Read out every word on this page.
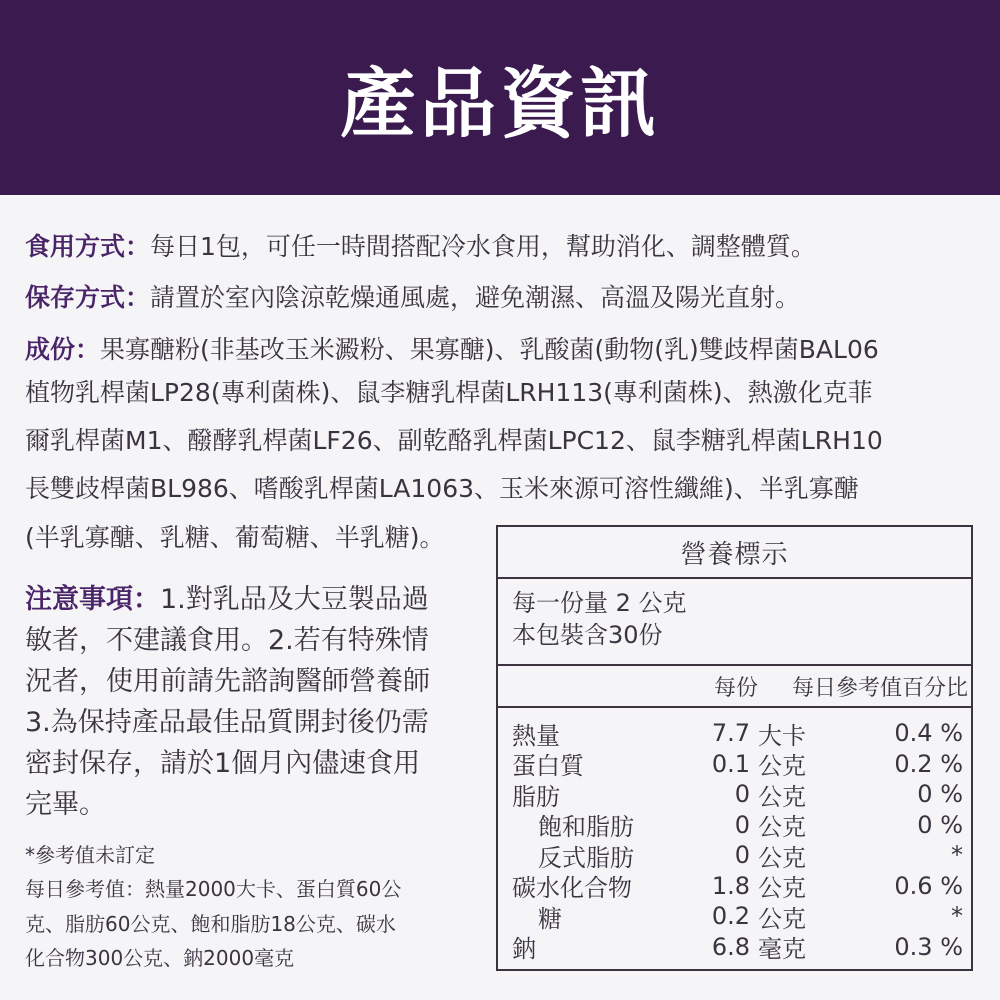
產品資訊
食用方式：每日1包，可任一時間搭配冷水食用，幫助消化、調整體質。
保存方式：請置於室內陰涼乾燥通風處，避免潮濕、高溫及陽光直射。
成份：果寡醣粉(非基改玉米澱粉、果寡醣)、乳酸菌(動物(乳)雙歧桿菌BAL06
植物乳桿菌LP28(專利菌株)、鼠李糖乳桿菌LRH113(專利菌株)、熱激化克菲
爾乳桿菌M1、醱酵乳桿菌LF26、副乾酪乳桿菌LPC12、鼠李糖乳桿菌LRH10
長雙歧桿菌BL986、嗜酸乳桿菌LA1063、玉米來源可溶性纖維)、半乳寡醣
(半乳寡醣、乳糖、葡萄糖、半乳糖)。
注意事項：1.對乳品及大豆製品過
敏者，不建議食用。2.若有特殊情
況者，使用前請先諮詢醫師營養師
3.為保持產品最佳品質開封後仍需
密封保存，請於1個月內儘速食用
完畢。
*參考值未訂定
每日參考值：熱量2000大卡、蛋白質60公
克、脂肪60公克、飽和脂肪18公克、碳水
化合物300公克、鈉2000毫克
營養標示
每一份量 2 公克
本包裝含30份
每份	每日參考值百分比
熱量	7.7 大卡	0.4 %
蛋白質	0.1 公克	0.2 %
脂肪	0 公克	0 %
飽和脂肪	0 公克	0 %
反式脂肪	0 公克	*
碳水化合物	1.8 公克	0.6 %
糖	0.2 公克	*
鈉	6.8 毫克	0.3 %
